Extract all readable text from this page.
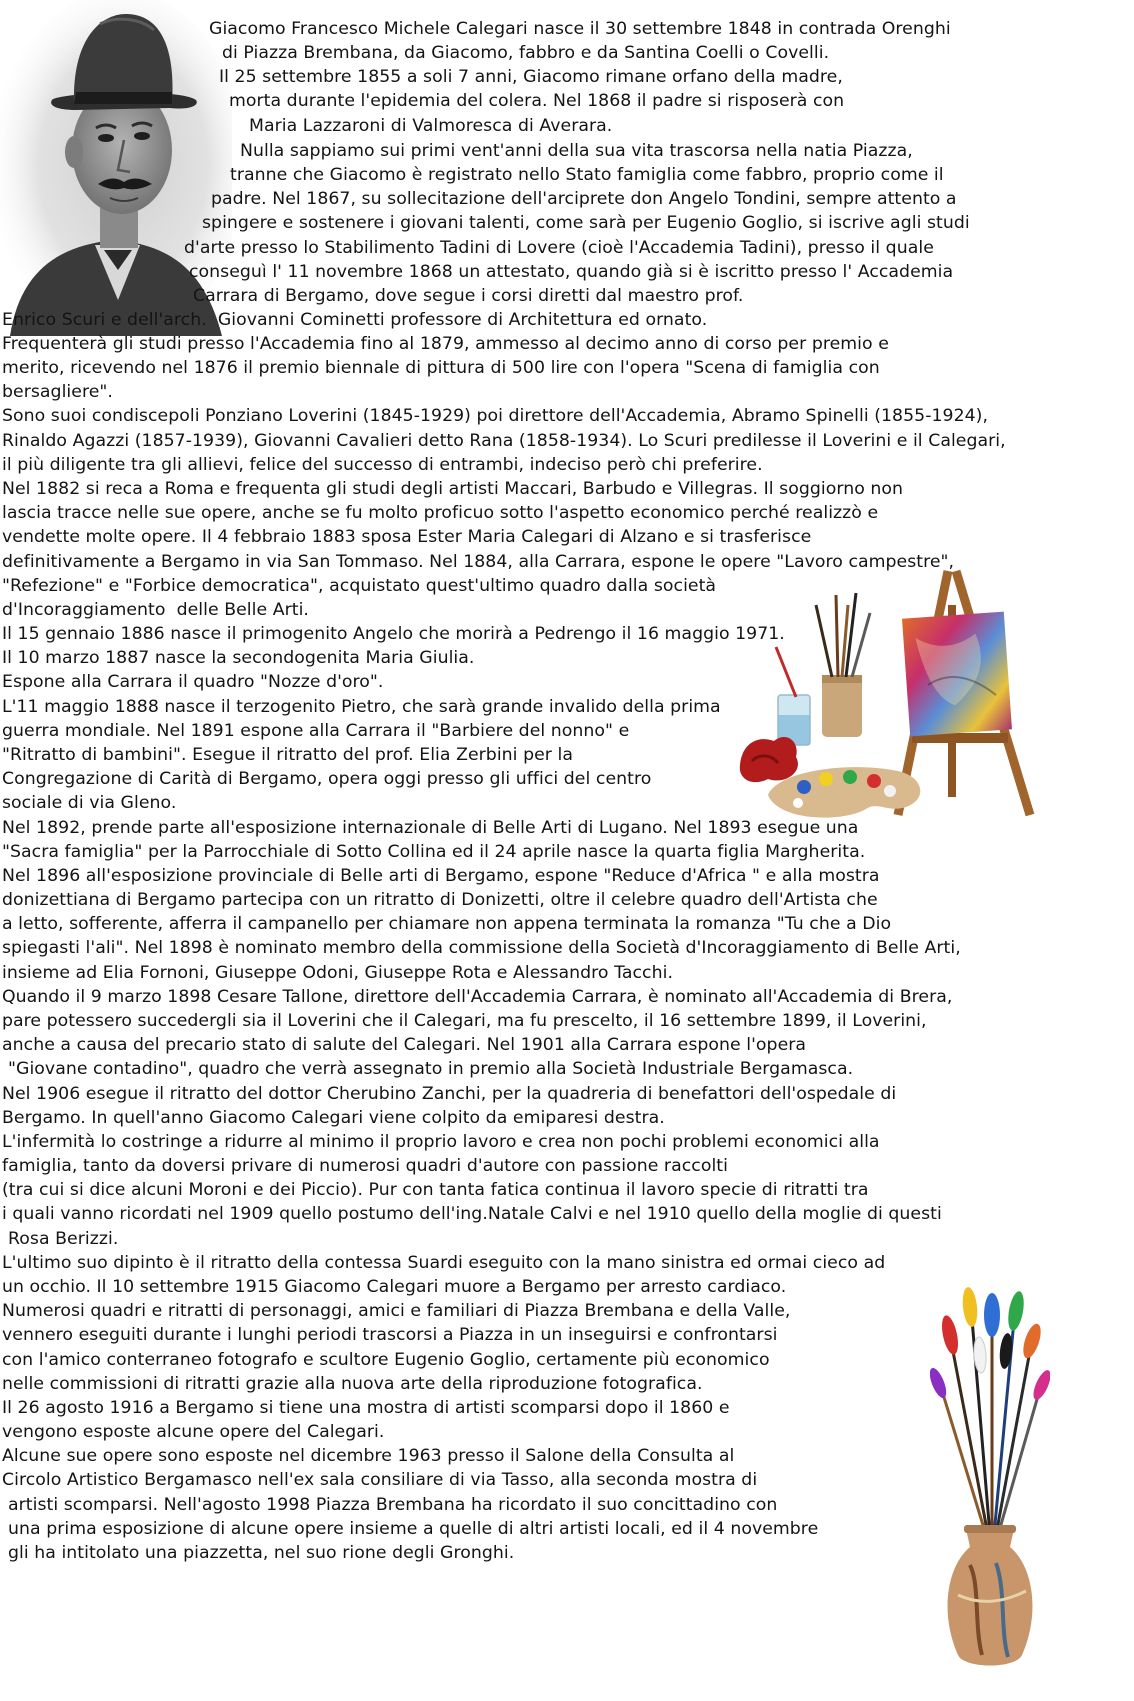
Giacomo Francesco Michele Calegari nasce il 30 settembre 1848 in contrada Orenghi
di Piazza Brembana, da Giacomo, fabbro e da Santina Coelli o Covelli.
Il 25 settembre 1855 a soli 7 anni, Giacomo rimane orfano della madre,
morta durante l'epidemia del colera. Nel 1868 il padre si risposerà con
Maria Lazzaroni di Valmoresca di Averara.
Nulla sappiamo sui primi vent'anni della sua vita trascorsa nella natia Piazza,
tranne che Giacomo è registrato nello Stato famiglia come fabbro, proprio come il
padre. Nel 1867, su sollecitazione dell'arciprete don Angelo Tondini, sempre attento a
spingere e sostenere i giovani talenti, come sarà per Eugenio Goglio, si iscrive agli studi
d'arte presso lo Stabilimento Tadini di Lovere (cioè l'Accademia Tadini), presso il quale
conseguì l' 11 novembre 1868 un attestato, quando già si è iscritto presso l' Accademia
Carrara di Bergamo, dove segue i corsi diretti dal maestro prof.
Enrico Scuri e dell'arch.  Giovanni Cominetti professore di Architettura ed ornato.
Frequenterà gli studi presso l'Accademia fino al 1879, ammesso al decimo anno di corso per premio e
merito, ricevendo nel 1876 il premio biennale di pittura di 500 lire con l'opera "Scena di famiglia con
bersagliere".
Sono suoi condiscepoli Ponziano Loverini (1845-1929) poi direttore dell'Accademia, Abramo Spinelli (1855-1924),
Rinaldo Agazzi (1857-1939), Giovanni Cavalieri detto Rana (1858-1934). Lo Scuri predilesse il Loverini e il Calegari,
il più diligente tra gli allievi, felice del successo di entrambi, indeciso però chi preferire.
Nel 1882 si reca a Roma e frequenta gli studi degli artisti Maccari, Barbudo e Villegras. Il soggiorno non
lascia tracce nelle sue opere, anche se fu molto proficuo sotto l'aspetto economico perché realizzò e
vendette molte opere. Il 4 febbraio 1883 sposa Ester Maria Calegari di Alzano e si trasferisce
definitivamente a Bergamo in via San Tommaso. Nel 1884, alla Carrara, espone le opere "Lavoro campestre",
"Refezione" e "Forbice democratica", acquistato quest'ultimo quadro dalla società
d'Incoraggiamento  delle Belle Arti.
Il 15 gennaio 1886 nasce il primogenito Angelo che morirà a Pedrengo il 16 maggio 1971.
Il 10 marzo 1887 nasce la secondogenita Maria Giulia.
Espone alla Carrara il quadro "Nozze d'oro".
L'11 maggio 1888 nasce il terzogenito Pietro, che sarà grande invalido della prima
guerra mondiale. Nel 1891 espone alla Carrara il "Barbiere del nonno" e
"Ritratto di bambini". Esegue il ritratto del prof. Elia Zerbini per la
Congregazione di Carità di Bergamo, opera oggi presso gli uffici del centro
sociale di via Gleno.
Nel 1892, prende parte all'esposizione internazionale di Belle Arti di Lugano. Nel 1893 esegue una
"Sacra famiglia" per la Parrocchiale di Sotto Collina ed il 24 aprile nasce la quarta figlia Margherita.
Nel 1896 all'esposizione provinciale di Belle arti di Bergamo, espone "Reduce d'Africa " e alla mostra
donizettiana di Bergamo partecipa con un ritratto di Donizetti, oltre il celebre quadro dell'Artista che
a letto, sofferente, afferra il campanello per chiamare non appena terminata la romanza "Tu che a Dio
spiegasti l'ali". Nel 1898 è nominato membro della commissione della Società d'Incoraggiamento di Belle Arti,
insieme ad Elia Fornoni, Giuseppe Odoni, Giuseppe Rota e Alessandro Tacchi.
Quando il 9 marzo 1898 Cesare Tallone, direttore dell'Accademia Carrara, è nominato all'Accademia di Brera,
pare potessero succedergli sia il Loverini che il Calegari, ma fu prescelto, il 16 settembre 1899, il Loverini,
anche a causa del precario stato di salute del Calegari. Nel 1901 alla Carrara espone l'opera
"Giovane contadino", quadro che verrà assegnato in premio alla Società Industriale Bergamasca.
Nel 1906 esegue il ritratto del dottor Cherubino Zanchi, per la quadreria di benefattori dell'ospedale di
Bergamo. In quell'anno Giacomo Calegari viene colpito da emiparesi destra.
L'infermità lo costringe a ridurre al minimo il proprio lavoro e crea non pochi problemi economici alla
famiglia, tanto da doversi privare di numerosi quadri d'autore con passione raccolti
(tra cui si dice alcuni Moroni e dei Piccio). Pur con tanta fatica continua il lavoro specie di ritratti tra
i quali vanno ricordati nel 1909 quello postumo dell'ing.Natale Calvi e nel 1910 quello della moglie di questi
Rosa Berizzi.
L'ultimo suo dipinto è il ritratto della contessa Suardi eseguito con la mano sinistra ed ormai cieco ad
un occhio. Il 10 settembre 1915 Giacomo Calegari muore a Bergamo per arresto cardiaco.
Numerosi quadri e ritratti di personaggi, amici e familiari di Piazza Brembana e della Valle,
vennero eseguiti durante i lunghi periodi trascorsi a Piazza in un inseguirsi e confrontarsi
con l'amico conterraneo fotografo e scultore Eugenio Goglio, certamente più economico
nelle commissioni di ritratti grazie alla nuova arte della riproduzione fotografica.
Il 26 agosto 1916 a Bergamo si tiene una mostra di artisti scomparsi dopo il 1860 e
vengono esposte alcune opere del Calegari.
Alcune sue opere sono esposte nel dicembre 1963 presso il Salone della Consulta al
Circolo Artistico Bergamasco nell'ex sala consiliare di via Tasso, alla seconda mostra di
artisti scomparsi. Nell'agosto 1998 Piazza Brembana ha ricordato il suo concittadino con
una prima esposizione di alcune opere insieme a quelle di altri artisti locali, ed il 4 novembre
gli ha intitolato una piazzetta, nel suo rione degli Gronghi.
